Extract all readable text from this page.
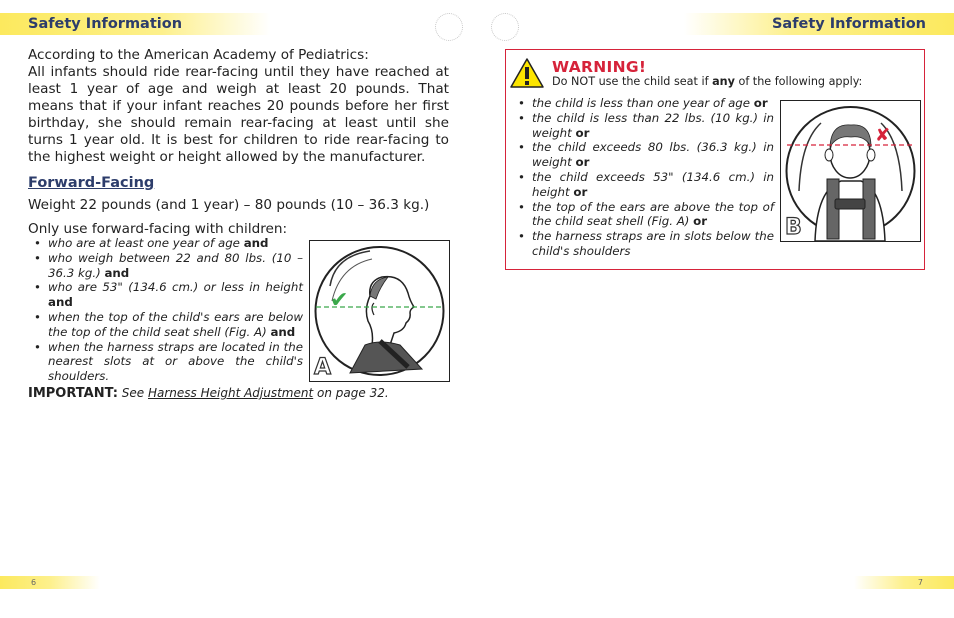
Safety Information	Safety Information

According to the American Academy of Pediatrics:

All infants should ride rear-facing until they have reached at least 1 year of age and weigh at least 20 pounds. That means that if your infant reaches 20 pounds before her first birthday, she should remain rear-facing at least until she turns 1 year old. It is best for children to ride rear-facing to the highest weight or height allowed by the manufacturer.

Forward-Facing
Weight 22 pounds (and 1 year) – 80 pounds (10 – 36.3 kg.)
Only use forward-facing with children:
• who are at least one year of age and
• who weigh between 22 and 80 lbs. (10 – 36.3 kg.) and
• who are 53" (134.6 cm.) or less in height and
• when the top of the child's ears are below the top of the child seat shell (Fig. A) and
• when the harness straps are located in the nearest slots at or above the child's shoulders.
IMPORTANT: See Harness Height Adjustment on page 32.
✔
A
WARNING!
Do NOT use the child seat if any of the following apply:
• the child is less than one year of age or
• the child is less than 22 lbs. (10 kg.) in weight or
• the child exceeds 80 lbs. (36.3 kg.) in weight or
• the child exceeds 53" (134.6 cm.) in height or
• the top of the ears are above the top of the child seat shell (Fig. A) or
• the harness straps are in slots below the child's shoulders
✘
B
6	7
